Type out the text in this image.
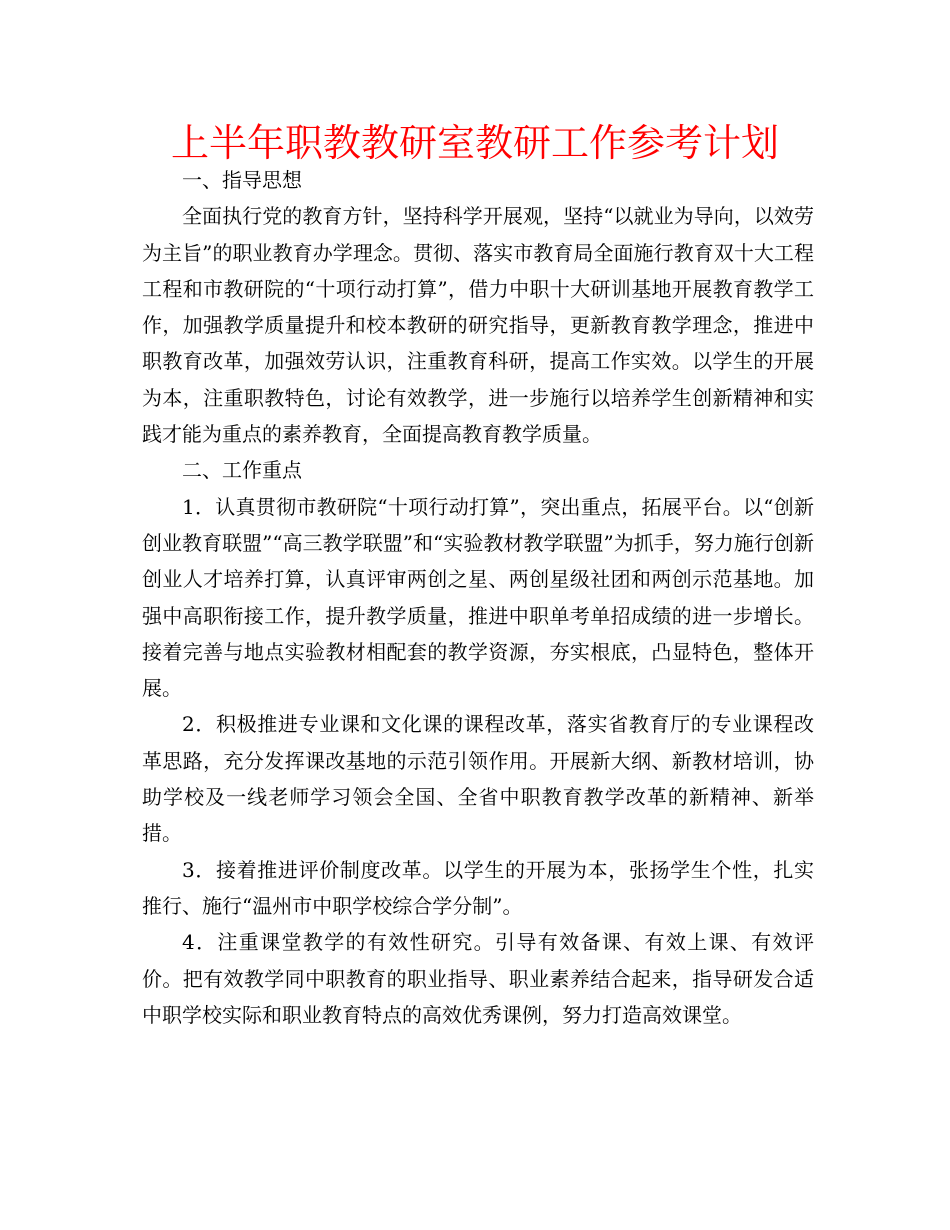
上半年职教教研室教研工作参考计划

一、指导思想

全面执行党的教育方针，坚持科学开展观，坚持“以就业为导向，以效劳为主旨”的职业教育办学理念。贯彻、落实市教育局全面施行教育双十大工程工程和市教研院的“十项行动打算”，借力中职十大研训基地开展教育教学工作，加强教学质量提升和校本教研的研究指导，更新教育教学理念，推进中职教育改革，加强效劳认识，注重教育科研，提高工作实效。以学生的开展为本，注重职教特色，讨论有效教学，进一步施行以培养学生创新精神和实践才能为重点的素养教育，全面提高教育教学质量。

二、工作重点

1．认真贯彻市教研院“十项行动打算”，突出重点，拓展平台。以“创新创业教育联盟”“高三教学联盟”和“实验教材教学联盟”为抓手，努力施行创新创业人才培养打算，认真评审两创之星、两创星级社团和两创示范基地。加强中高职衔接工作，提升教学质量，推进中职单考单招成绩的进一步增长。接着完善与地点实验教材相配套的教学资源，夯实根底，凸显特色，整体开展。

2．积极推进专业课和文化课的课程改革，落实省教育厅的专业课程改革思路，充分发挥课改基地的示范引领作用。开展新大纲、新教材培训，协助学校及一线老师学习领会全国、全省中职教育教学改革的新精神、新举措。

3．接着推进评价制度改革。以学生的开展为本，张扬学生个性，扎实推行、施行“温州市中职学校综合学分制”。

4．注重课堂教学的有效性研究。引导有效备课、有效上课、有效评价。把有效教学同中职教育的职业指导、职业素养结合起来，指导研发合适中职学校实际和职业教育特点的高效优秀课例，努力打造高效课堂。
